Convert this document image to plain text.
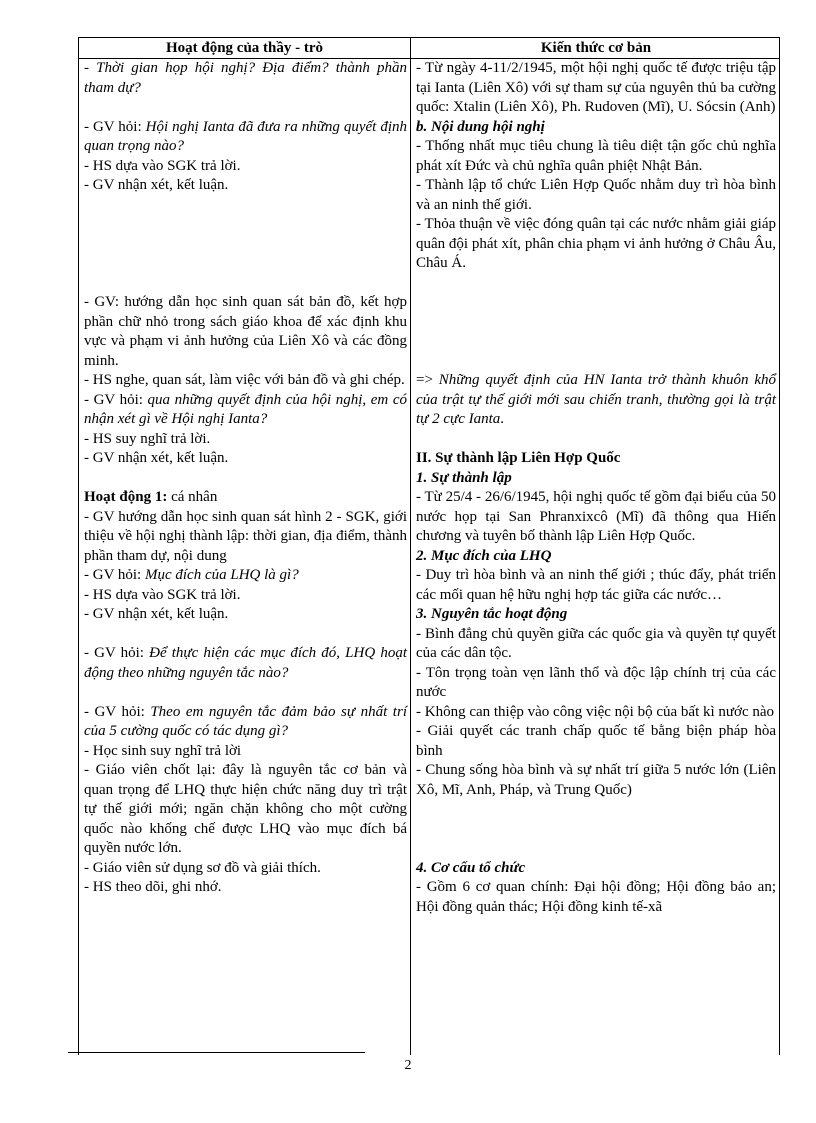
Hoạt động của thầy - trò	Kiến thức cơ bản

- Thời gian họp hội nghị? Địa điểm? thành phần tham dự?

- GV hỏi: Hội nghị Ianta đã đưa ra những quyết định quan trọng nào?

- HS dựa vào SGK trả lời.

- GV nhận xét, kết luận.

- GV: hướng dẫn học sinh quan sát bản đồ, kết hợp phần chữ nhỏ trong sách giáo khoa để xác định khu vực và phạm vi ảnh hưởng của Liên Xô và các đồng minh.

- HS nghe, quan sát, làm việc với bản đồ và ghi chép.

- GV hỏi: qua những quyết định của hội nghị, em có nhận xét gì về Hội nghị Ianta?

- HS suy nghĩ trả lời.

- GV nhận xét, kết luận.

Hoạt động 1: cá nhân

- GV hướng dẫn học sinh quan sát hình 2 - SGK, giới thiệu về hội nghị thành lập: thời gian, địa điểm, thành phần tham dự, nội dung

- GV hỏi: Mục đích của LHQ là gì?

- HS dựa vào SGK trả lời.

- GV nhận xét, kết luận.

- GV hỏi: Để thực hiện các mục đích đó, LHQ hoạt động theo những nguyên tắc nào?

- GV hỏi: Theo em nguyên tắc đảm bảo sự nhất trí của 5 cường quốc có tác dụng gì?

- Học sinh suy nghĩ trả lời

- Giáo viên chốt lại: đây là nguyên tắc cơ bản và quan trọng để LHQ thực hiện chức năng duy trì trật tự thế giới mới; ngăn chặn không cho một cường quốc nào khống chế được LHQ vào mục đích bá quyền nước lớn.

- Giáo viên sử dụng sơ đồ và giải thích.

- HS theo dõi, ghi nhớ.

- Từ ngày 4-11/2/1945, một hội nghị quốc tế được triệu tập tại Ianta (Liên Xô) với sự tham sự của nguyên thủ ba cường quốc: Xtalin (Liên Xô), Ph. Rudoven (Mĩ), U. Sócsin (Anh)

b. Nội dung hội nghị

- Thống nhất mục tiêu chung là tiêu diệt tận gốc chủ nghĩa phát xít Đức và chủ nghĩa quân phiệt Nhật Bản.

- Thành lập tổ chức Liên Hợp Quốc nhằm duy trì hòa bình và an ninh thế giới.

- Thỏa thuận về việc đóng quân tại các nước nhằm giải giáp quân đội phát xít, phân chia phạm vi ảnh hưởng ở Châu Âu, Châu Á.

=> Những quyết định của HN Ianta trở thành khuôn khổ của trật tự thế giới mới sau chiến tranh, thường gọi là trật tự 2 cực Ianta.

II. Sự thành lập Liên Hợp Quốc

1. Sự thành lập

- Từ 25/4 - 26/6/1945, hội nghị quốc tế gồm đại biểu của 50 nước họp tại San Phranxixcô (Mĩ) đã thông qua Hiến chương và tuyên bố thành lập Liên Hợp Quốc.

2. Mục đích của LHQ

- Duy trì hòa bình và an ninh thế giới ; thúc đẩy, phát triển các mối quan hệ hữu nghị hợp tác giữa các nước…

3. Nguyên tắc hoạt động

- Bình đẳng chủ quyền giữa các quốc gia và quyền tự quyết của các dân tộc.

- Tôn trọng toàn vẹn lãnh thổ và độc lập chính trị của các nước

- Không can thiệp vào công việc nội bộ của bất kì nước nào

- Giải quyết các tranh chấp quốc tế bằng biện pháp hòa bình

- Chung sống hòa bình và sự nhất trí giữa 5 nước lớn (Liên Xô, Mĩ, Anh, Pháp, và Trung Quốc)

4. Cơ cấu tổ chức

- Gồm 6 cơ quan chính: Đại hội đồng; Hội đồng bảo an; Hội đồng quản thác; Hội đồng kinh tế-xã

2
